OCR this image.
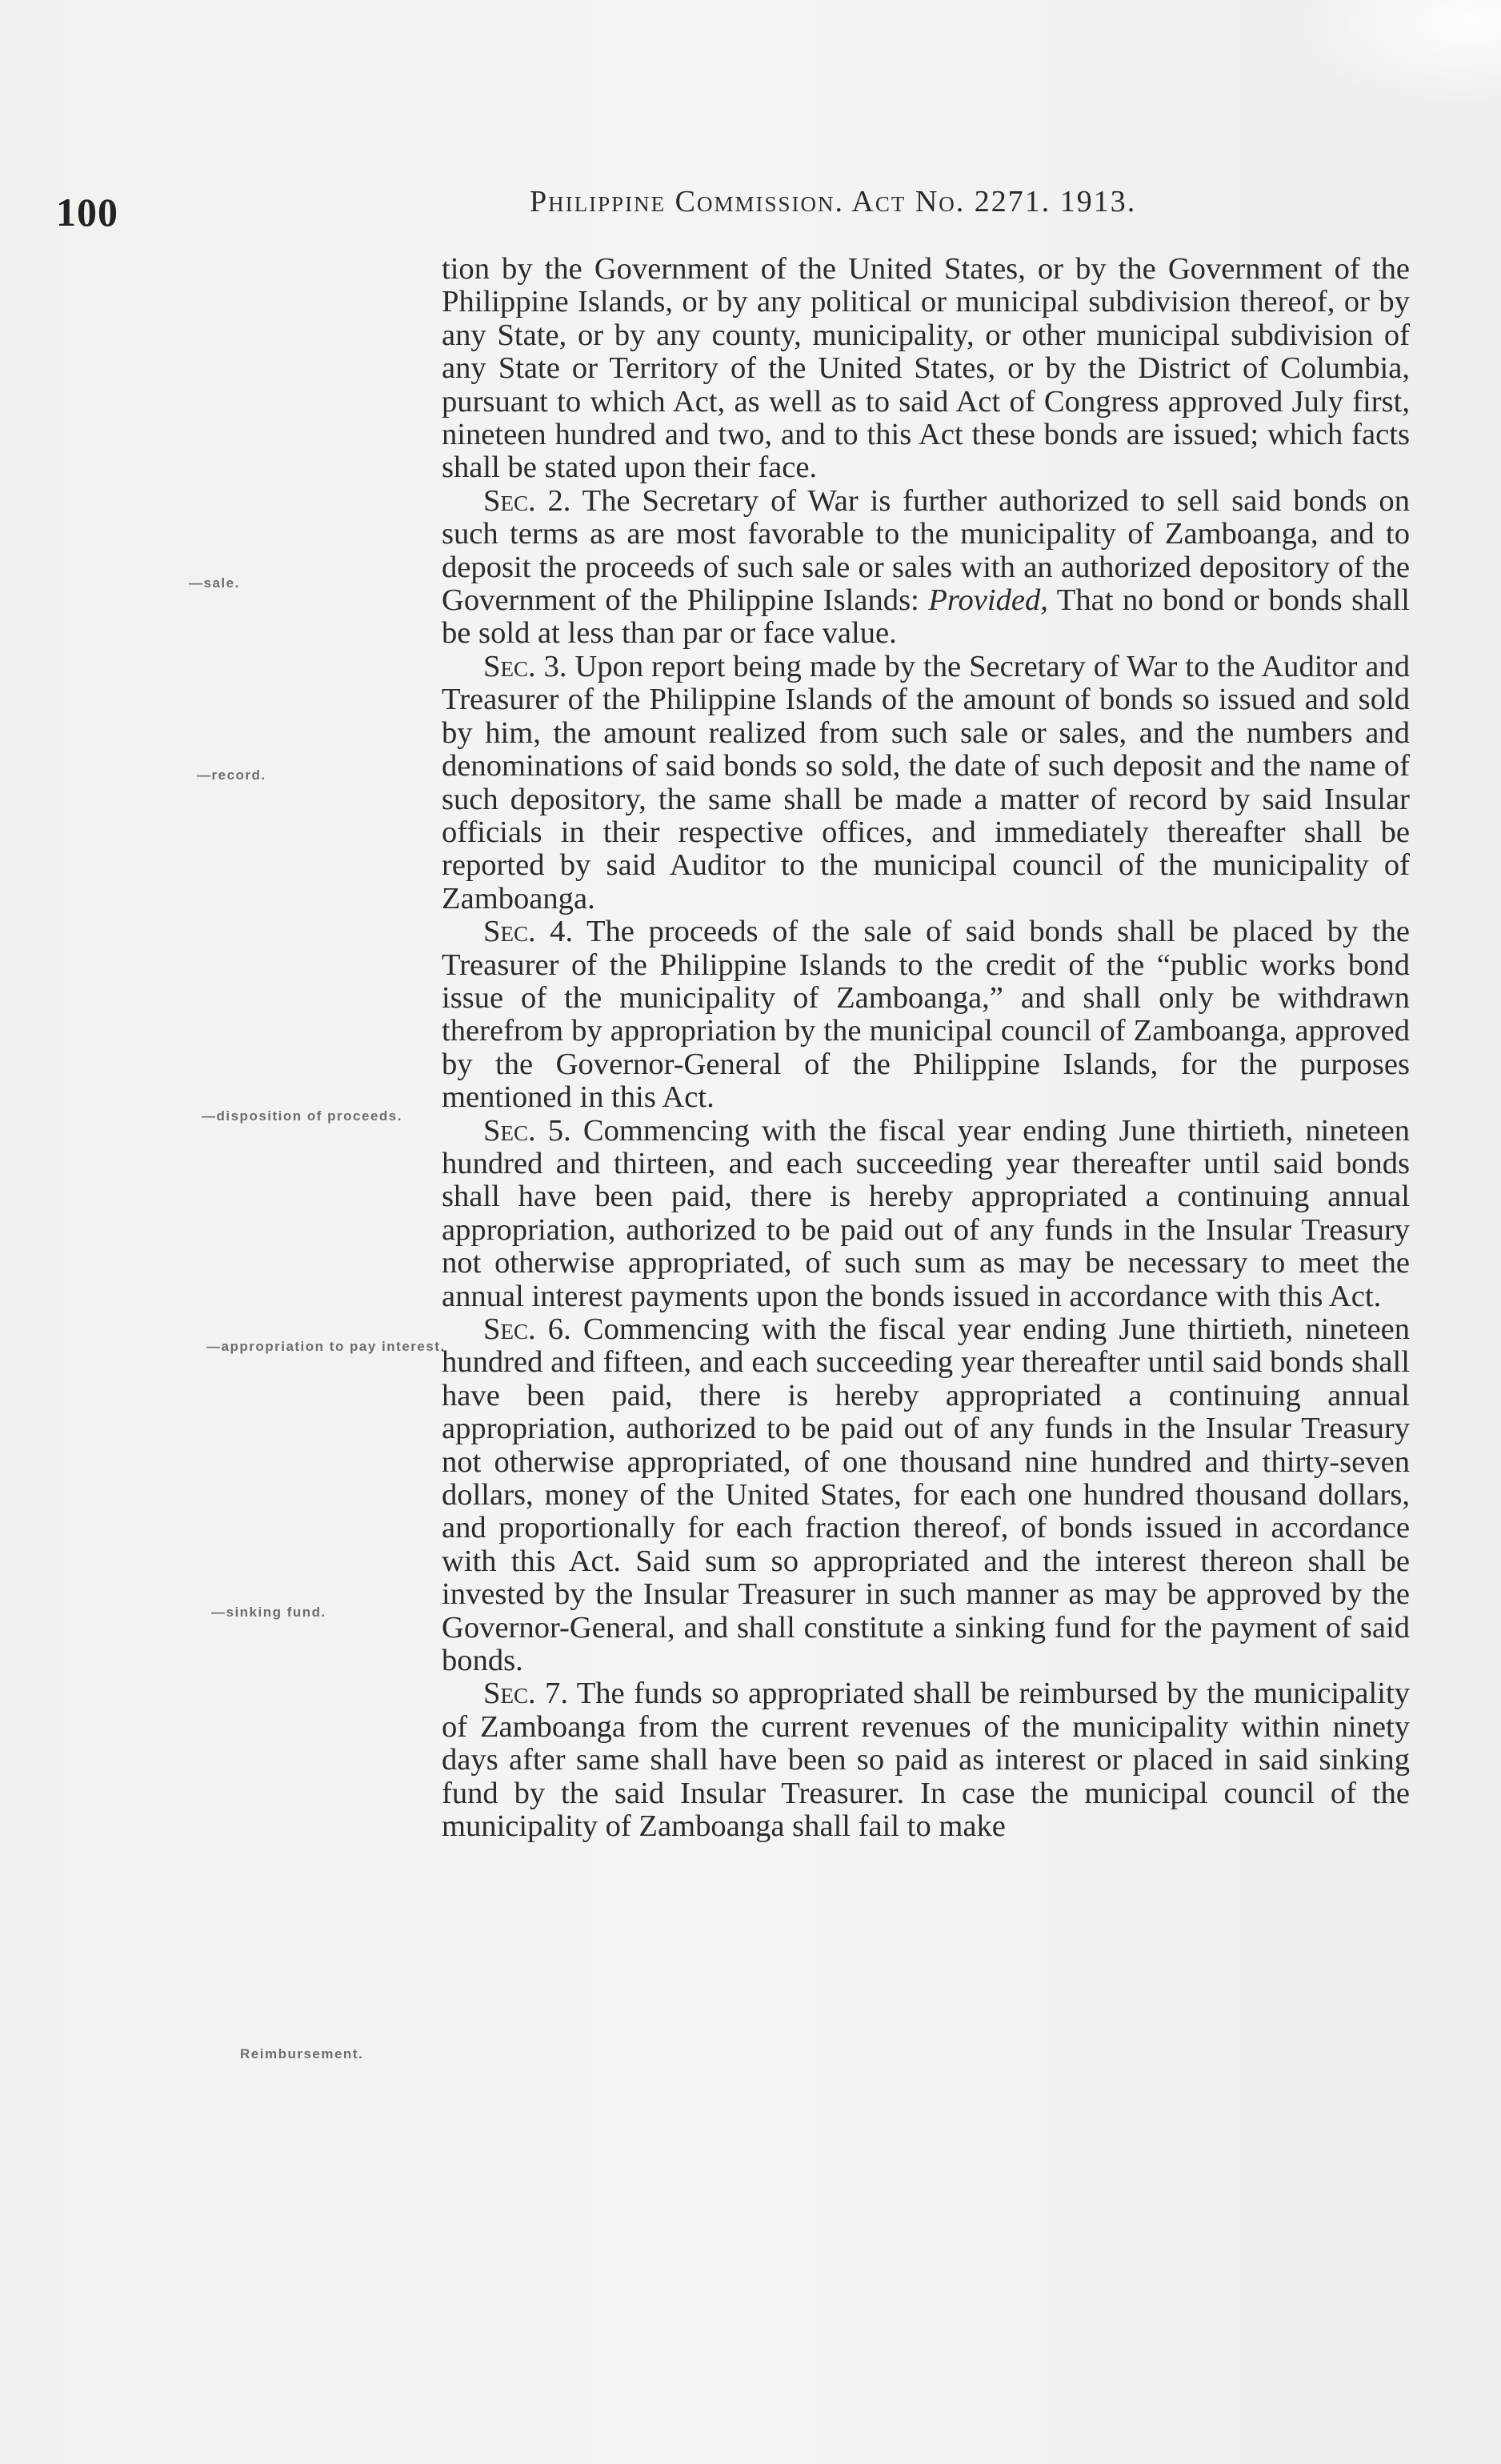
100	Philippine Commission. Act No. 2271. 1913.
—sale.
—record.
—disposition of proceeds.
—appropriation to pay interest.
—sinking fund.
Reimbursement.

tion by the Government of the United States, or by the Government of the Philippine Islands, or by any political or municipal subdivision thereof, or by any State, or by any county, municipality, or other municipal subdivision of any State or Territory of the United States, or by the District of Columbia, pursuant to which Act, as well as to said Act of Congress approved July first, nineteen hundred and two, and to this Act these bonds are issued; which facts shall be stated upon their face.

Sec. 2. The Secretary of War is further authorized to sell said bonds on such terms as are most favorable to the municipality of Zamboanga, and to deposit the proceeds of such sale or sales with an authorized depository of the Government of the Philippine Islands: Provided, That no bond or bonds shall be sold at less than par or face value.

Sec. 3. Upon report being made by the Secretary of War to the Auditor and Treasurer of the Philippine Islands of the amount of bonds so issued and sold by him, the amount realized from such sale or sales, and the numbers and denominations of said bonds so sold, the date of such deposit and the name of such depository, the same shall be made a matter of record by said Insular officials in their respective offices, and immediately thereafter shall be reported by said Auditor to the municipal council of the municipality of Zamboanga.

Sec. 4. The proceeds of the sale of said bonds shall be placed by the Treasurer of the Philippine Islands to the credit of the “public works bond issue of the municipality of Zamboanga,” and shall only be withdrawn therefrom by appropriation by the municipal council of Zamboanga, approved by the Governor-General of the Philippine Islands, for the purposes mentioned in this Act.

Sec. 5. Commencing with the fiscal year ending June thirtieth, nineteen hundred and thirteen, and each succeeding year thereafter until said bonds shall have been paid, there is hereby appropriated a continuing annual appropriation, authorized to be paid out of any funds in the Insular Treasury not otherwise appropriated, of such sum as may be necessary to meet the annual interest payments upon the bonds issued in accordance with this Act.

Sec. 6. Commencing with the fiscal year ending June thirtieth, nineteen hundred and fifteen, and each succeeding year thereafter until said bonds shall have been paid, there is hereby appropriated a continuing annual appropriation, authorized to be paid out of any funds in the Insular Treasury not otherwise appropriated, of one thousand nine hundred and thirty-seven dollars, money of the United States, for each one hundred thousand dollars, and proportionally for each fraction thereof, of bonds issued in accordance with this Act. Said sum so appropriated and the interest thereon shall be invested by the Insular Treasurer in such manner as may be approved by the Governor-General, and shall constitute a sinking fund for the payment of said bonds.

Sec. 7. The funds so appropriated shall be reimbursed by the municipality of Zamboanga from the current revenues of the municipality within ninety days after same shall have been so paid as interest or placed in said sinking fund by the said Insular Treasurer. In case the municipal council of the municipality of Zamboanga shall fail to make
